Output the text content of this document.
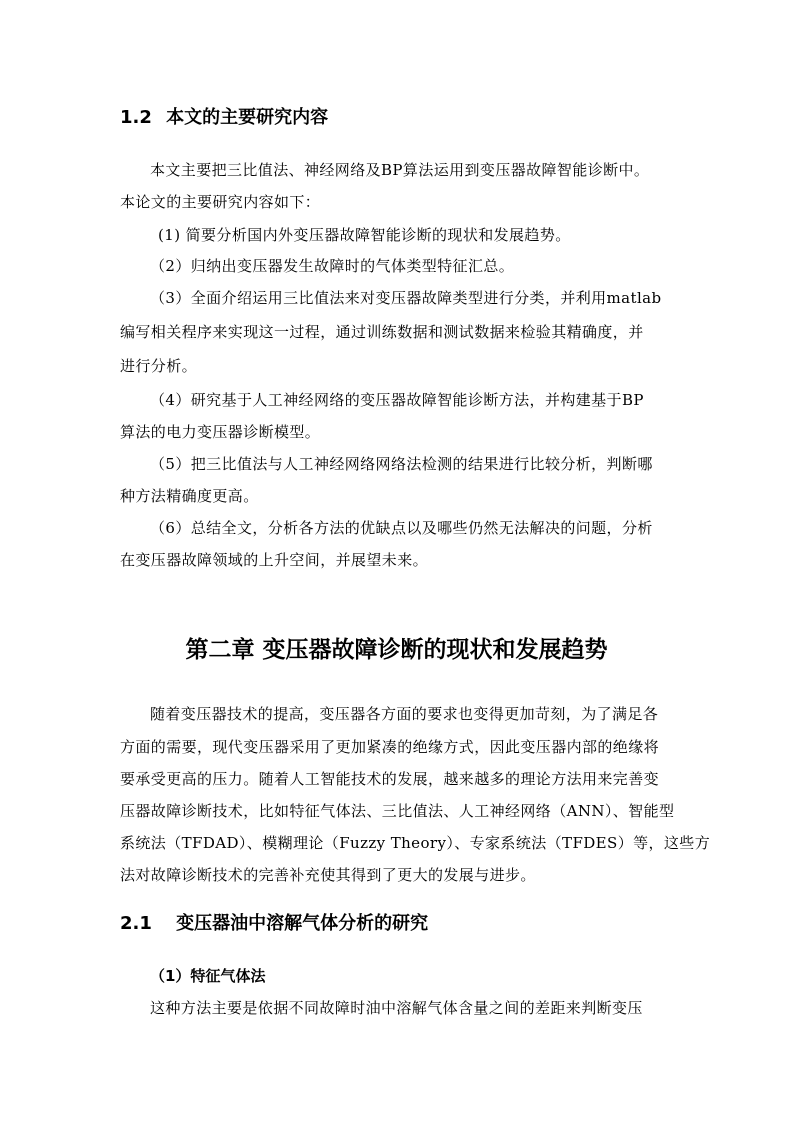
1.2 本文的主要研究内容
本文主要把三比值法、神经网络及BP算法运用到变压器故障智能诊断中。
本论文的主要研究内容如下：
(1) 简要分析国内外变压器故障智能诊断的现状和发展趋势。
（2）归纳出变压器发生故障时的气体类型特征汇总。
（3）全面介绍运用三比值法来对变压器故障类型进行分类，并利用matlab
编写相关程序来实现这一过程，通过训练数据和测试数据来检验其精确度，并
进行分析。
（4）研究基于人工神经网络的变压器故障智能诊断方法，并构建基于BP
算法的电力变压器诊断模型。
（5）把三比值法与人工神经网络网络法检测的结果进行比较分析，判断哪
种方法精确度更高。
（6）总结全文，分析各方法的优缺点以及哪些仍然无法解决的问题，分析
在变压器故障领域的上升空间，并展望未来。
第二章 变压器故障诊断的现状和发展趋势
随着变压器技术的提高，变压器各方面的要求也变得更加苛刻，为了满足各
方面的需要，现代变压器采用了更加紧凑的绝缘方式，因此变压器内部的绝缘将
要承受更高的压力。随着人工智能技术的发展，越来越多的理论方法用来完善变
压器故障诊断技术，比如特征气体法、三比值法、人工神经网络（ANN）、智能型
系统法（TFDAD）、模糊理论（Fuzzy Theory）、专家系统法（TFDES）等，这些方
法对故障诊断技术的完善补充使其得到了更大的发展与进步。
2.1 变压器油中溶解气体分析的研究
（1）特征气体法
这种方法主要是依据不同故障时油中溶解气体含量之间的差距来判断变压
